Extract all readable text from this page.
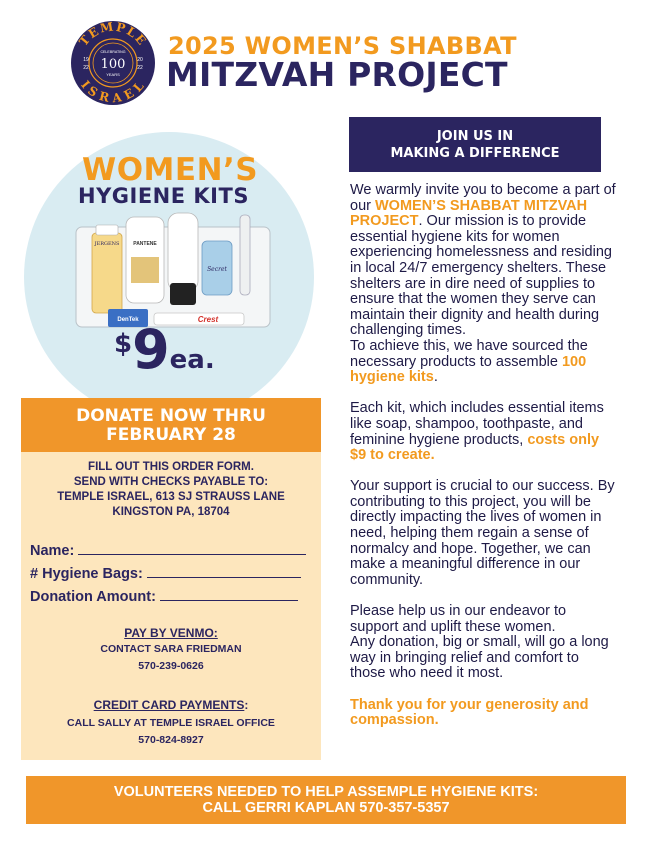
TEMPLE
ISRAEL
CELEBRATING
100
YEARS
19
22
20
22
2025 WOMEN’S SHABBAT
MITZVAH PROJECT
WOMEN’S
HYGIENE KITS
JERGENS	PANTENE
Secret
DenTek	Crest
$9ea.
DONATE NOW THRU
FEBRUARY 28
FILL OUT THIS ORDER FORM.
SEND WITH CHECKS PAYABLE TO:
TEMPLE ISRAEL, 613 SJ STRAUSS LANE
KINGSTON PA, 18704
Name:
# Hygiene Bags:
Donation Amount:
PAY BY VENMO:
CONTACT SARA FRIEDMAN
570-239-0626
CREDIT CARD PAYMENTS:
CALL SALLY AT TEMPLE ISRAEL OFFICE
570-824-8927
JOIN US IN
MAKING A DIFFERENCE

We warmly invite you to become a part of our WOMEN’S SHABBAT MITZVAH PROJECT. Our mission is to provide essential hygiene kits for women experiencing homelessness and residing in local 24/7 emergency shelters. These shelters are in dire need of supplies to ensure that the women they serve can maintain their dignity and health during challenging times.

To achieve this, we have sourced the necessary products to assemble 100 hygiene kits.

Each kit, which includes essential items like soap, shampoo, toothpaste, and feminine hygiene products, costs only $9 to create.

Your support is crucial to our success. By contributing to this project, you will be directly impacting the lives of women in need, helping them regain a sense of normalcy and hope. Together, we can make a meaningful difference in our community.

Please help us in our endeavor to support and uplift these women.

Any donation, big or small, will go a long way in bringing relief and comfort to those who need it most.

Thank you for your generosity and compassion.

VOLUNTEERS NEEDED TO HELP ASSEMPLE HYGIENE KITS:
CALL GERRI KAPLAN 570-357-5357
